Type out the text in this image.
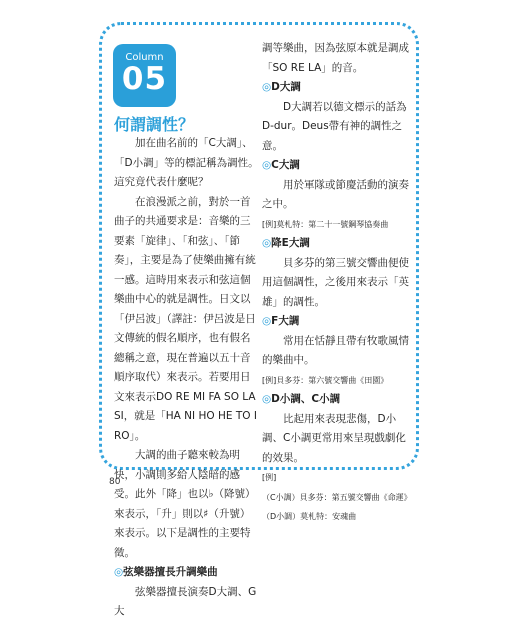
Column
05
何謂調性？

加在曲名前的「C大調」、「D小調」等的標記稱為調性。這究竟代表什麼呢？

在浪漫派之前，對於一首曲子的共通要求是：音樂的三要素「旋律」、「和弦」、「節奏」，主要是為了使樂曲擁有統一感。這時用來表示和弦這個樂曲中心的就是調性。日文以「伊呂波」（譯註：伊呂波是日文傳統的假名順序，也有假名總稱之意，現在普遍以五十音順序取代）來表示。若要用日文來表示DO RE MI FA SO LA SI，就是「HA NI HO HE TO I RO」。

大調的曲子聽來較為明快，小調則多給人陰暗的感受。此外「降」也以♭（降號）來表示，「升」則以♯（升號）來表示。以下是調性的主要特徵。

◎弦樂器擅長升調樂曲

弦樂器擅長演奏D大調、G大

調等樂曲，因為弦原本就是調成「SO RE LA」的音。

◎D大調

D大調若以德文標示的話為D-dur。Deus帶有神的調性之意。

◎C大調

用於軍隊或節慶活動的演奏之中。

[例]莫札特：第二十一號鋼琴協奏曲

◎降E大調

貝多芬的第三號交響曲便使用這個調性，之後用來表示「英雄」的調性。

◎F大調

常用在恬靜且帶有牧歌風情的樂曲中。

[例]貝多芬：第六號交響曲《田園》

◎D小調、C小調

比起用來表現悲傷，D小調、C小調更常用來呈現戲劇化的效果。

[例]

（C小調）貝多芬：第五號交響曲《命運》

（D小調）莫札特：安魂曲

80
